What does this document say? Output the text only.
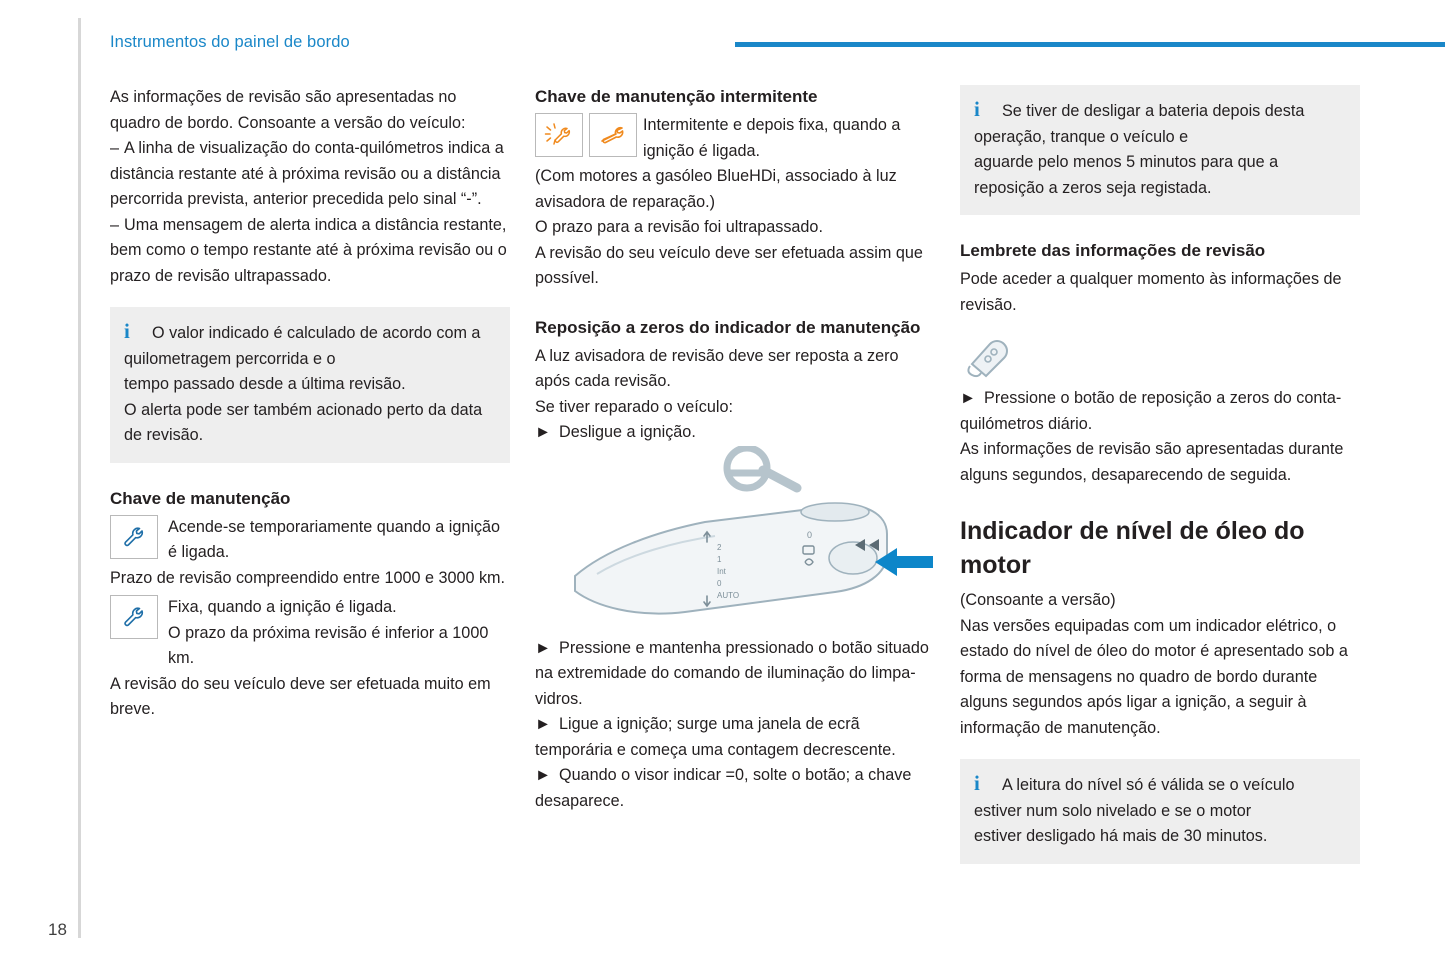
Instrumentos do painel de bordo
18

As informações de revisão são apresentadas no quadro de bordo. Consoante a versão do veículo:

– A linha de visualização do conta-quilómetros indica a distância restante até à próxima revisão ou a distância percorrida prevista, anterior precedida pelo sinal “-”.

– Uma mensagem de alerta indica a distância restante, bem como o tempo restante até à próxima revisão ou o prazo de revisão ultrapassado.

i O valor indicado é calculado de acordo com a quilometragem percorrida e o
tempo passado desde a última revisão.
O alerta pode ser também acionado perto da data de revisão.
Chave de manutenção
Acende-se temporariamente quando a ignição é ligada.

Prazo de revisão compreendido entre 1000 e 3000 km.

Fixa, quando a ignição é ligada.
O prazo da próxima revisão é inferior a 1000 km.

A revisão do seu veículo deve ser efetuada muito em breve.

Chave de manutenção intermitente
Intermitente e depois fixa, quando a ignição é ligada.

(Com motores a gasóleo BlueHDi, associado à luz avisadora de reparação.)

O prazo para a revisão foi ultrapassado.

A revisão do seu veículo deve ser efetuada assim que possível.

Reposição a zeros do indicador de manutenção

A luz avisadora de revisão deve ser reposta a zero após cada revisão.

Se tiver reparado o veículo:

► Desligue a ignição.

2
1
Int
0
AUTO
0

► Pressione e mantenha pressionado o botão situado na extremidade do comando de iluminação do limpa-vidros.

► Ligue a ignição; surge uma janela de ecrã temporária e começa uma contagem decrescente.

► Quando o visor indicar =0, solte o botão; a chave desaparece.

i Se tiver de desligar a bateria depois desta operação, tranque o veículo e
aguarde pelo menos 5 minutos para que a reposição a zeros seja registada.
Lembrete das informações de revisão

Pode aceder a qualquer momento às informações de revisão.

► Pressione o botão de reposição a zeros do conta-quilómetros diário.

As informações de revisão são apresentadas durante alguns segundos, desaparecendo de seguida.

Indicador de nível de óleo do motor

(Consoante a versão)

Nas versões equipadas com um indicador elétrico, o estado do nível de óleo do motor é apresentado sob a forma de mensagens no quadro de bordo durante alguns segundos após ligar a ignição, a seguir à informação de manutenção.

i A leitura do nível só é válida se o veículo estiver num solo nivelado e se o motor
estiver desligado há mais de 30 minutos.
